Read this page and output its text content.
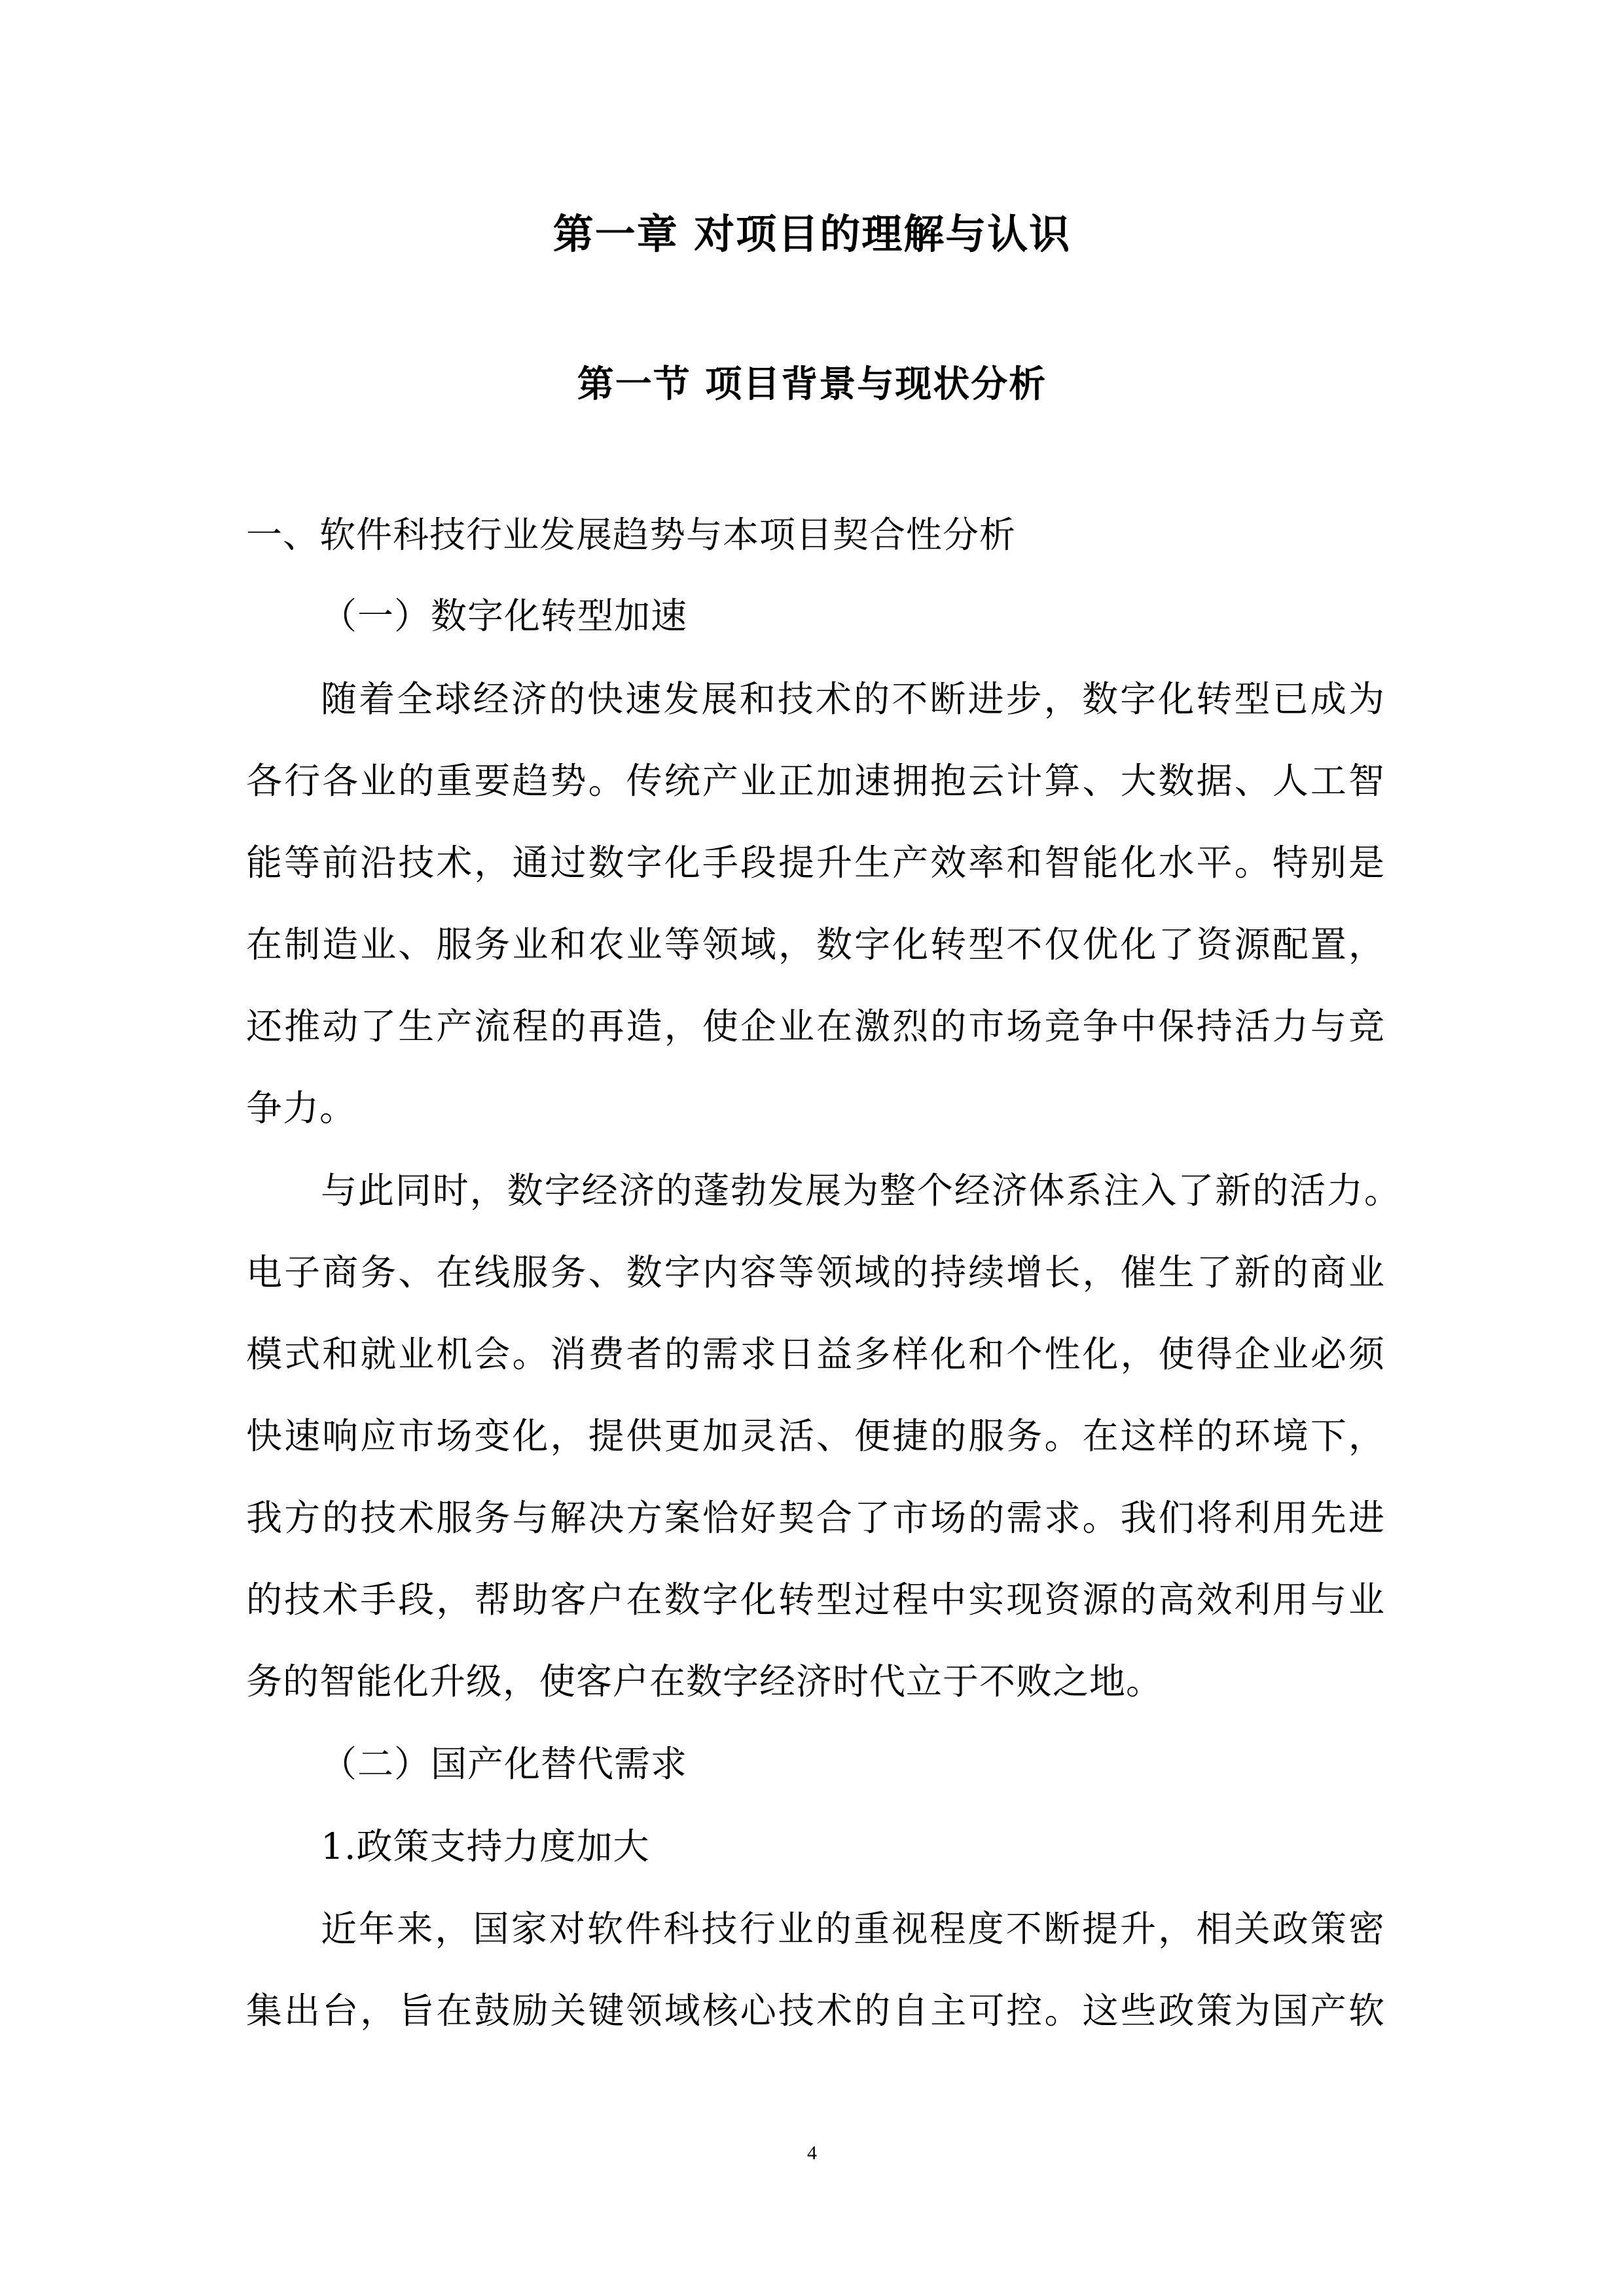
第一章 对项目的理解与认识
第一节 项目背景与现状分析
一、软件科技行业发展趋势与本项目契合性分析
（一）数字化转型加速
随着全球经济的快速发展和技术的不断进步，数字化转型已成为
各行各业的重要趋势。传统产业正加速拥抱云计算、大数据、人工智
能等前沿技术，通过数字化手段提升生产效率和智能化水平。特别是
在制造业、服务业和农业等领域，数字化转型不仅优化了资源配置，
还推动了生产流程的再造，使企业在激烈的市场竞争中保持活力与竞
争力。
与此同时，数字经济的蓬勃发展为整个经济体系注入了新的活力。
电子商务、在线服务、数字内容等领域的持续增长，催生了新的商业
模式和就业机会。消费者的需求日益多样化和个性化，使得企业必须
快速响应市场变化，提供更加灵活、便捷的服务。在这样的环境下，
我方的技术服务与解决方案恰好契合了市场的需求。我们将利用先进
的技术手段，帮助客户在数字化转型过程中实现资源的高效利用与业
务的智能化升级，使客户在数字经济时代立于不败之地。
（二）国产化替代需求
1.政策支持力度加大
近年来，国家对软件科技行业的重视程度不断提升，相关政策密
集出台，旨在鼓励关键领域核心技术的自主可控。这些政策为国产软
4
